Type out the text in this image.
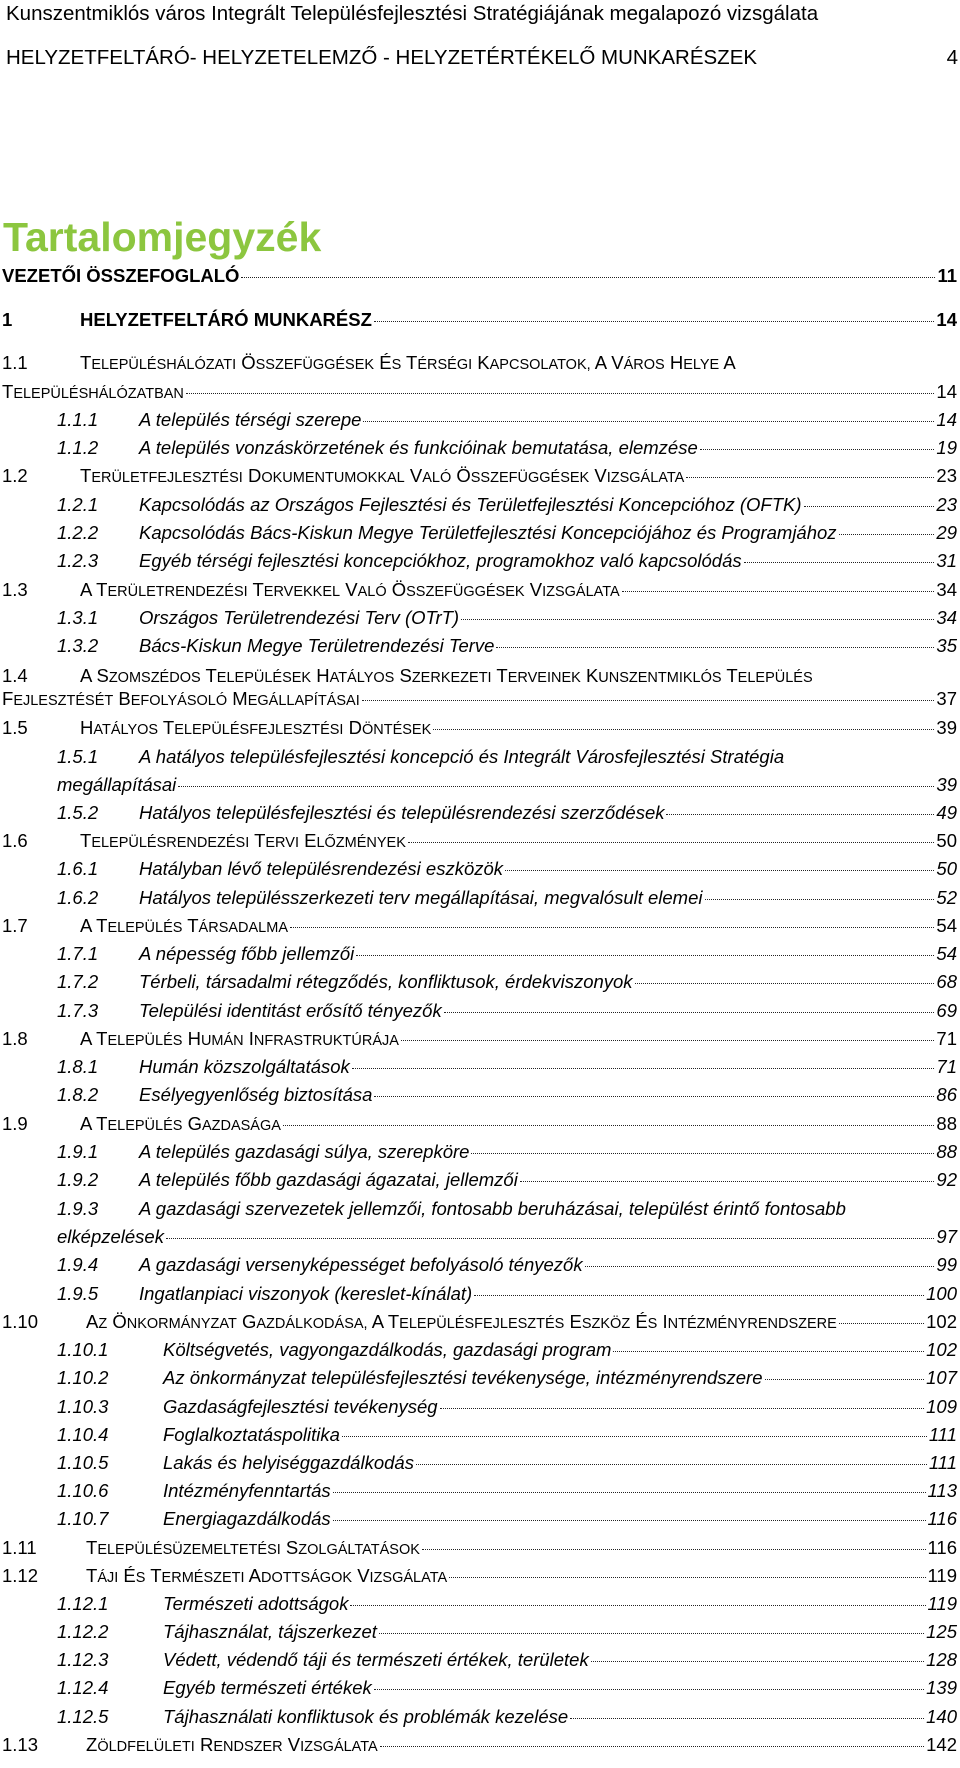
Kunszentmiklós város Integrált Településfejlesztési Stratégiájának megalapozó vizsgálata
HELYZETFELTÁRÓ- HELYZETELEMZŐ - HELYZETÉRTÉKELŐ MUNKARÉSZEK	4
Tartalomjegyzék
VEZETŐI ÖSSZEFOGLALÓ	11
1	HELYZETFELTÁRÓ MUNKARÉSZ	14
1.1	TELEPÜLÉSHÁLÓZATI ÖSSZEFÜGGÉSEK ÉS TÉRSÉGI KAPCSOLATOK, A VÁROS HELYE A
TELEPÜLÉSHÁLÓZATBAN	14
1.1.1	A település térségi szerepe	14
1.1.2	A település vonzáskörzetének és funkcióinak bemutatása, elemzése	19
1.2	TERÜLETFEJLESZTÉSI DOKUMENTUMOKKAL VALÓ ÖSSZEFÜGGÉSEK VIZSGÁLATA	23
1.2.1	Kapcsolódás az Országos Fejlesztési és Területfejlesztési Koncepcióhoz (OFTK)	23
1.2.2	Kapcsolódás Bács-Kiskun Megye Területfejlesztési Koncepciójához és Programjához	29
1.2.3	Egyéb térségi fejlesztési koncepciókhoz, programokhoz való kapcsolódás	31
1.3	A TERÜLETRENDEZÉSI TERVEKKEL VALÓ ÖSSZEFÜGGÉSEK VIZSGÁLATA	34
1.3.1	Országos Területrendezési Terv (OTrT)	34
1.3.2	Bács-Kiskun Megye Területrendezési Terve	35
1.4	A SZOMSZÉDOS TELEPÜLÉSEK HATÁLYOS SZERKEZETI TERVEINEK KUNSZENTMIKLÓS TELEPÜLÉS
FEJLESZTÉSÉT BEFOLYÁSOLÓ MEGÁLLAPÍTÁSAI	37
1.5	HATÁLYOS TELEPÜLÉSFEJLESZTÉSI DÖNTÉSEK	39
1.5.1	A hatályos településfejlesztési koncepció és Integrált Városfejlesztési Stratégia
megállapításai	39
1.5.2	Hatályos településfejlesztési és településrendezési szerződések	49
1.6	TELEPÜLÉSRENDEZÉSI TERVI ELŐZMÉNYEK	50
1.6.1	Hatályban lévő településrendezési eszközök	50
1.6.2	Hatályos településszerkezeti terv megállapításai, megvalósult elemei	52
1.7	A TELEPÜLÉS TÁRSADALMA	54
1.7.1	A népesség főbb jellemzői	54
1.7.2	Térbeli, társadalmi rétegződés, konfliktusok, érdekviszonyok	68
1.7.3	Települési identitást erősítő tényezők	69
1.8	A TELEPÜLÉS HUMÁN INFRASTRUKTÚRÁJA	71
1.8.1	Humán közszolgáltatások	71
1.8.2	Esélyegyenlőség biztosítása	86
1.9	A TELEPÜLÉS GAZDASÁGA	88
1.9.1	A település gazdasági súlya, szerepköre	88
1.9.2	A település főbb gazdasági ágazatai, jellemzői	92
1.9.3	A gazdasági szervezetek jellemzői, fontosabb beruházásai, települést érintő fontosabb
elképzelések	97
1.9.4	A gazdasági versenyképességet befolyásoló tényezők	99
1.9.5	Ingatlanpiaci viszonyok (kereslet-kínálat)	100
1.10	AZ ÖNKORMÁNYZAT GAZDÁLKODÁSA, A TELEPÜLÉSFEJLESZTÉS ESZKÖZ ÉS INTÉZMÉNYRENDSZERE	102
1.10.1	Költségvetés, vagyongazdálkodás, gazdasági program	102
1.10.2	Az önkormányzat településfejlesztési tevékenysége, intézményrendszere	107
1.10.3	Gazdaságfejlesztési tevékenység	109
1.10.4	Foglalkoztatáspolitika	111
1.10.5	Lakás és helyiséggazdálkodás	111
1.10.6	Intézményfenntartás	113
1.10.7	Energiagazdálkodás	116
1.11	TELEPÜLÉSÜZEMELTETÉSI SZOLGÁLTATÁSOK	116
1.12	TÁJI ÉS TERMÉSZETI ADOTTSÁGOK VIZSGÁLATA	119
1.12.1	Természeti adottságok	119
1.12.2	Tájhasználat, tájszerkezet	125
1.12.3	Védett, védendő táji és természeti értékek, területek	128
1.12.4	Egyéb természeti értékek	139
1.12.5	Tájhasználati konfliktusok és problémák kezelése	140
1.13	ZÖLDFELÜLETI RENDSZER VIZSGÁLATA	142
